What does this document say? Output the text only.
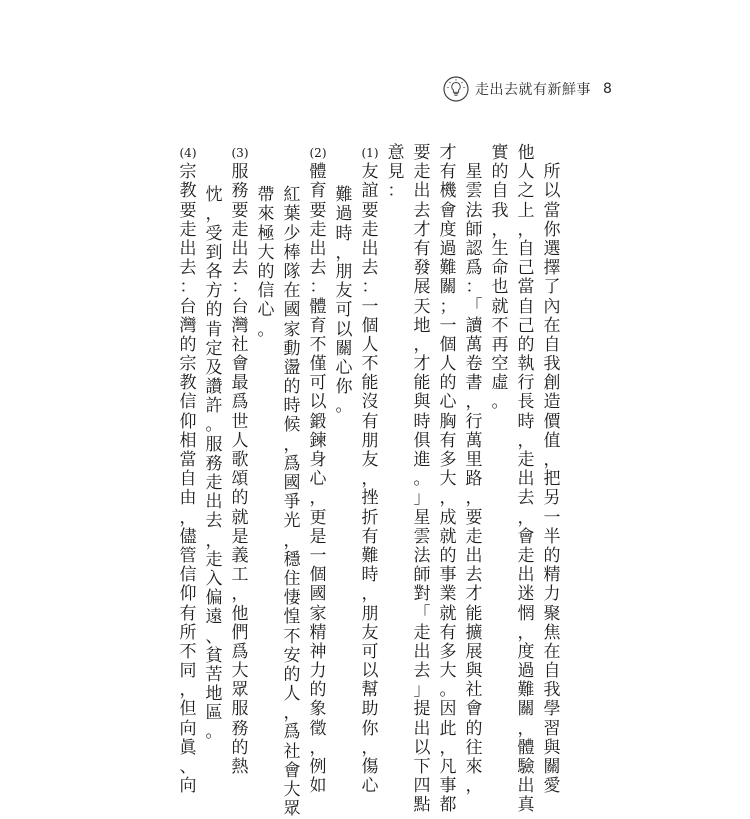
走出去就有新鮮事 8

所
以
當
你
選
擇
了
內
在
自
我
創
造
價
值
，
把
另
一
半
的
精
力
聚
焦
在
自
我
學
習
與
關
愛
他
人
之
上
，
自
己
當
自
己
的
執
行
長
時
，
走
出
去
，
會
走
出
迷
惘
，
度
過
難
關
，
體
驗
出
真
實
的
自
我
，
生
命
也
就
不
再
空
虛
。

星
雲
法
師
認
爲
：
「
讀
萬
卷
書
，
行
萬
里
路
，
要
走
出
去
才
能
擴
展
與
社
會
的
往
來
，
才
有
機
會
度
過
難
關
；
一
個
人
的
心
胸
有
多
大
，
成
就
的
事
業
就
有
多
大
。
因
此
，
凡
事
都
要
走
出
去
才
有
發
展
天
地
，
才
能
與
時
俱
進
。
」
星
雲
法
師
對
「
走
出
去
」
提
出
以
下
四
點
意
見
：
(1)
友
誼
要
走
出
去
：
一
個
人
不
能
沒
有
朋
友
，
挫
折
有
難
時
，
朋
友
可
以
幫
助
你
，
傷
心
難
過
時
，
朋
友
可
以
關
心
你
。
(2)
體
育
要
走
出
去
：
體
育
不
僅
可
以
鍛
鍊
身
心
，
更
是
一
個
國
家
精
神
力
的
象
徵
，
例
如
紅
葉
少
棒
隊
在
國
家
動
盪
的
時
候
，
爲
國
爭
光
，
穩
住
悽
惶
不
安
的
人
，
爲
社
會
大
眾
帶
來
極
大
的
信
心
。
(3)
服
務
要
走
出
去
：
台
灣
社
會
最
爲
世
人
歌
頌
的
就
是
義
工
，
他
們
爲
大
眾
服
務
的
熱
忱
，
受
到
各
方
的
肯
定
及
讚
許
。
服
務
走
出
去
，
走
入
偏
遠
、
貧
苦
地
區
。
(4)
宗
教
要
走
出
去
：
台
灣
的
宗
教
信
仰
相
當
自
由
，
儘
管
信
仰
有
所
不
同
，
但
向
眞
、
向
